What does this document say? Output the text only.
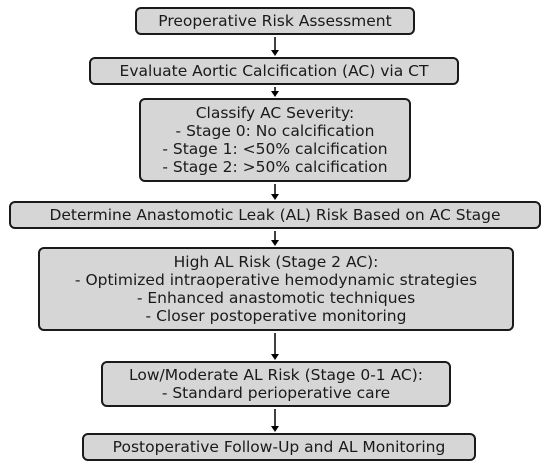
Preoperative Risk Assessment
Evaluate Aortic Calcification (AC) via CT
Classify AC Severity:
- Stage 0: No calcification
- Stage 1: <50% calcification
- Stage 2: >50% calcification
Determine Anastomotic Leak (AL) Risk Based on AC Stage
High AL Risk (Stage 2 AC):
- Optimized intraoperative hemodynamic strategies
- Enhanced anastomotic techniques
- Closer postoperative monitoring
Low/Moderate AL Risk (Stage 0-1 AC):
- Standard perioperative care
Postoperative Follow-Up and AL Monitoring
